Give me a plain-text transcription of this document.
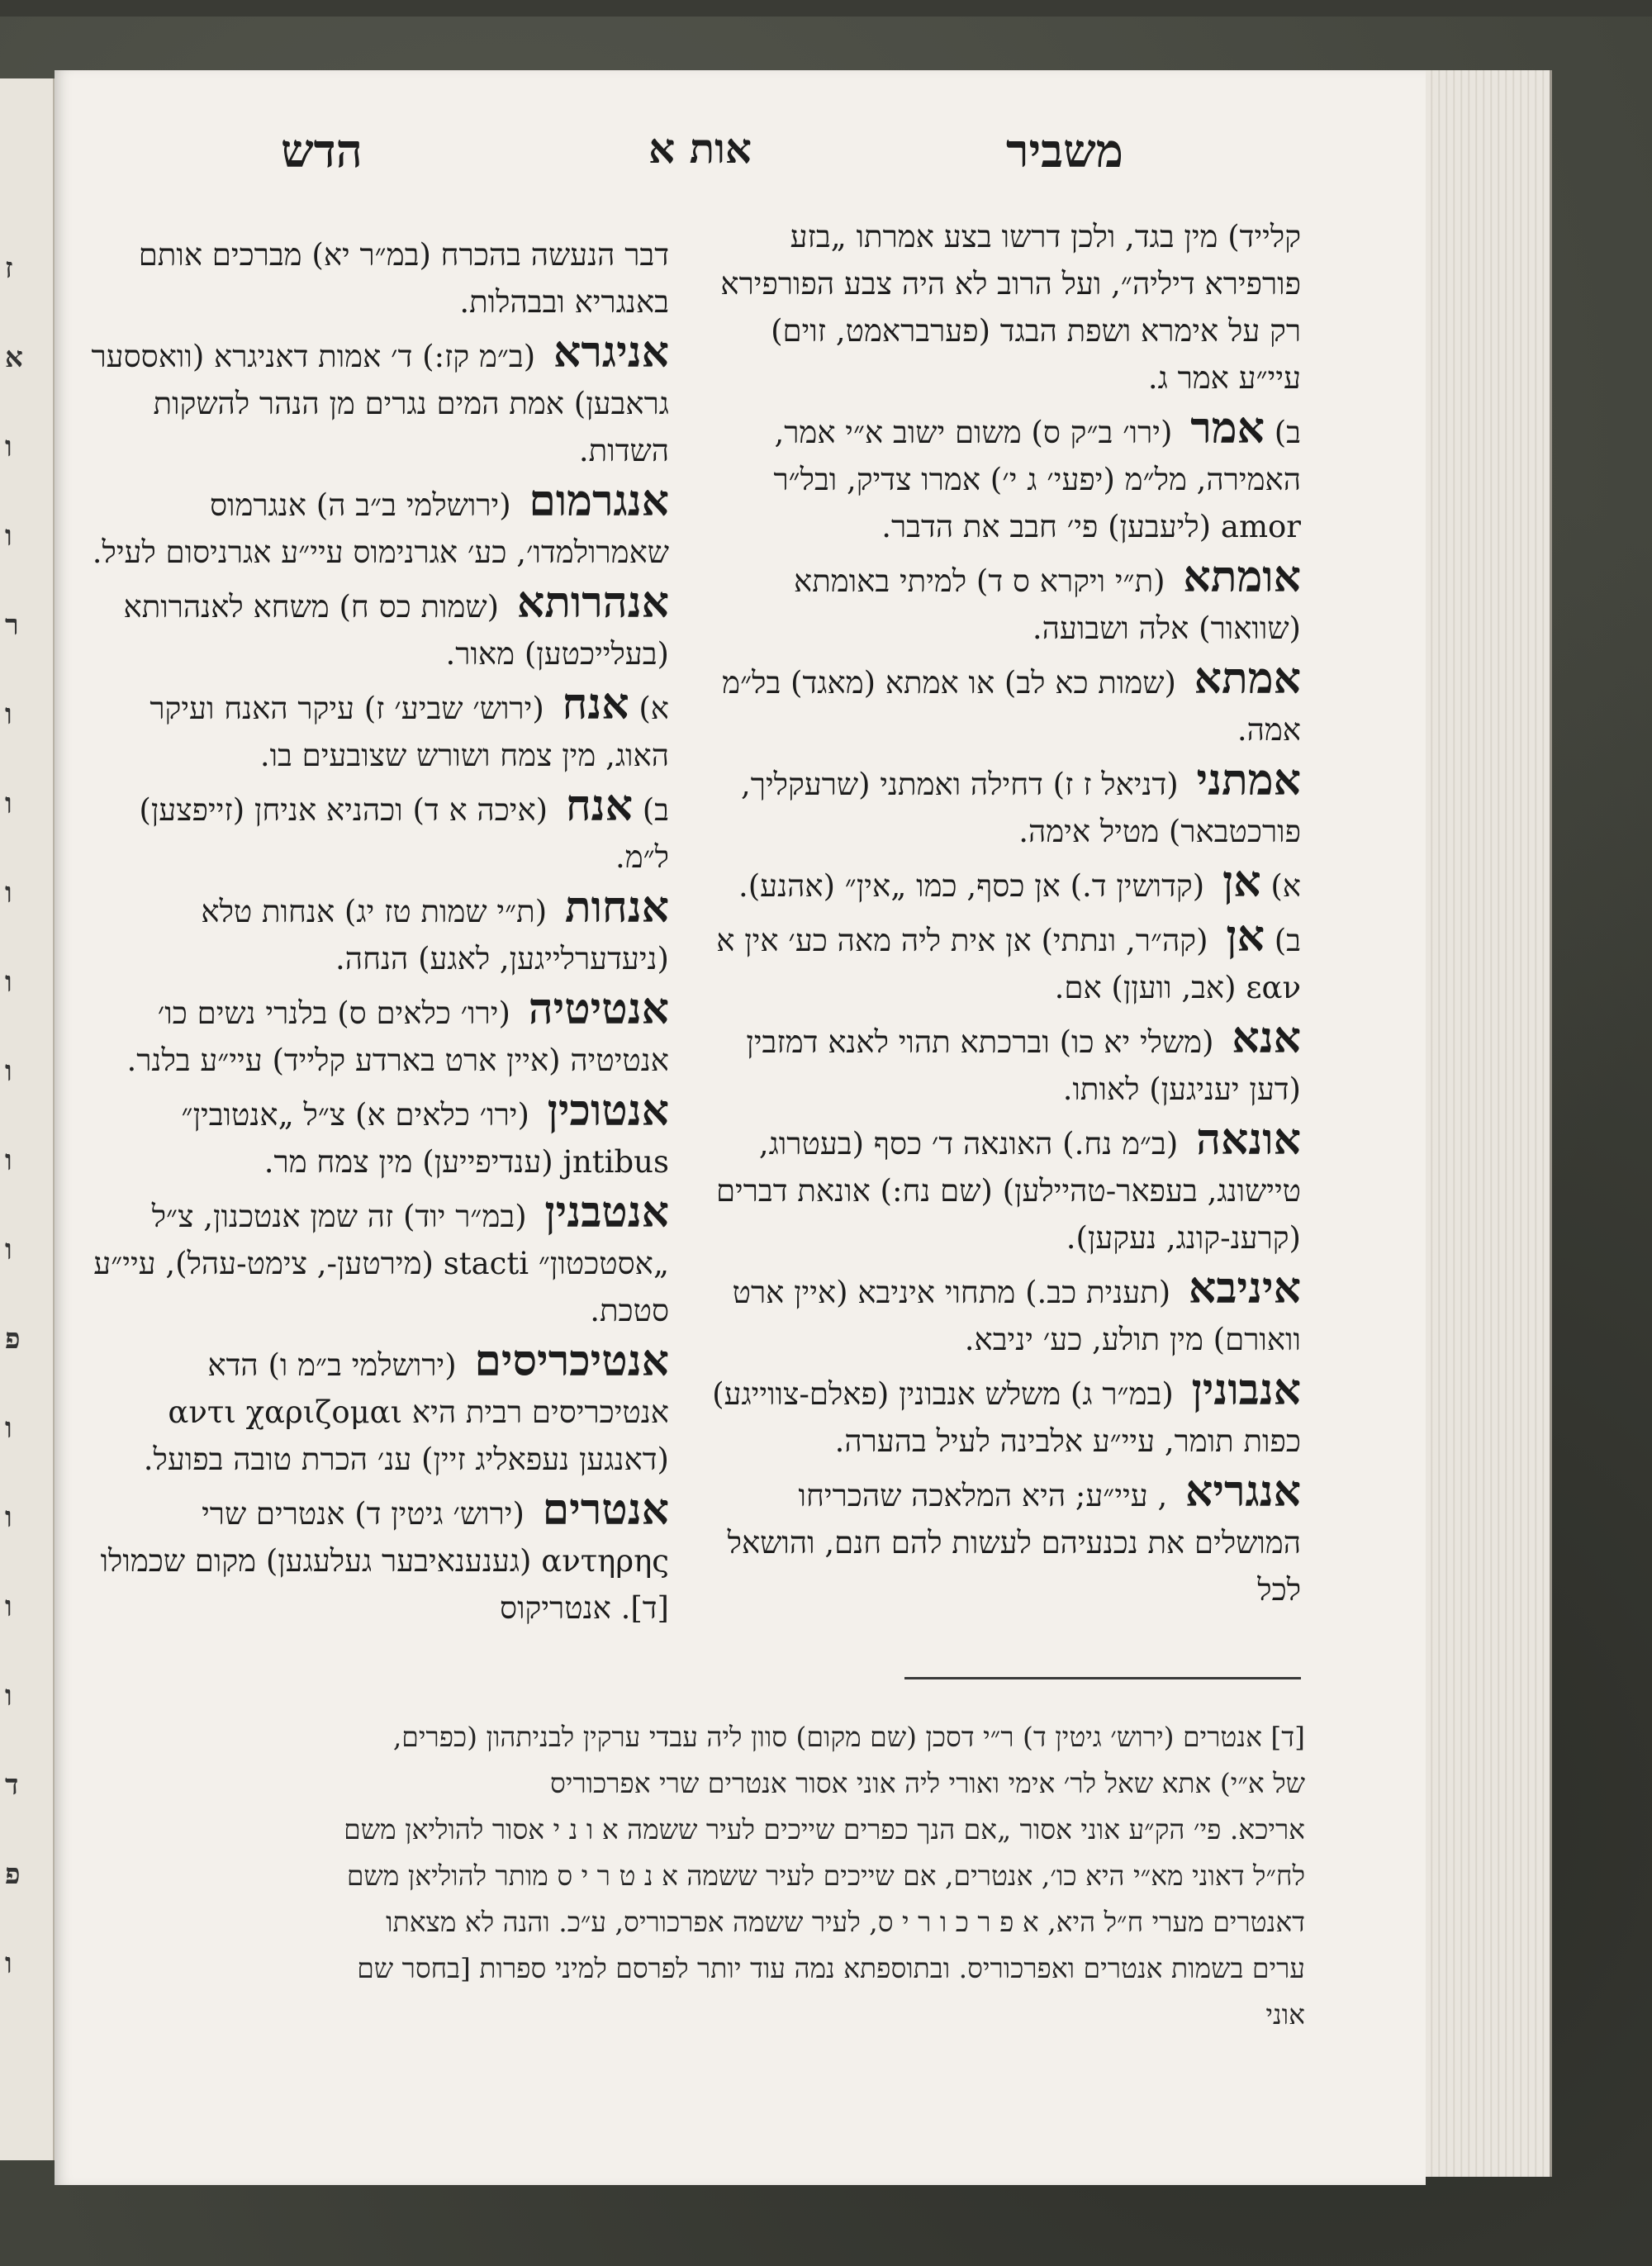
ז
א
ו
ו
ר
ו
ו
ו
ו
ו
ו
ו
פ
ו
ו
ו
ו
ד
פ
ו
משביר
אות א
הדש
קלייד) מין בגד, ולכן דרשו בצע אמרתו „בזע פורפירא דיליה״, ועל הרוב לא היה צבע הפורפירא רק על אימרא ושפת הבגד (פערבראמט, זוים) עיי״ע אמר ג.
ב) אמר (ירו׳ ב״ק ס) משום ישוב א״י אמר, האמירה, מל״מ (יפעי׳ ג י׳) אמרו צדיק, ובל״ר amor (ליעבען) פי׳ חבב את הדבר.
אומתא (ת״י ויקרא ס ד) למיתי באומתא (שוואור) אלה ושבועה.
אמתא (שמות כא לב) או אמתא (מאגד) בל״מ אמה.
אמתני (דניאל ז ז) דחילה ואמתני (שרעקליך, פורכטבאר) מטיל אימה.
א) אן (קדושין ד.) אן כסף, כמו „אין״ (אהנע).
ב) אן (קה״ר, ונתתי) אן אית ליה מאה כע׳ אין א εαν (אב, וועןן) אם.
אנא (משלי יא כו) וברכתא תהוי לאנא דמזבין (דען יעניגען) לאותו.
אונאה (ב״מ נח.) האונאה ד׳ כסף (בעטרוג, טיישונג, בעפאר-טהיילען) (שם נח:) אונאת דברים (קרענ-קונג, נעקען).
איניבא (תענית כב.) מתחוי איניבא (איין ארט וואורם) מין תולע, כע׳ יניבא.
אנבונין (במ״ר ג) משלש אנבונין (פאלם-צווייגע) כפות תומר, עיי״ע אלבינה לעיל בהערה.
אנגריא , עיי״ע; היא המלאכה שהכריחו המושלים את נכנעיהם לעשות להם חנם, והושאל לכל
דבר הנעשה בהכרח (במ״ר יא) מברכים אותם באנגריא ובבהלות.
אניגרא (ב״מ קז:) ד׳ אמות דאניגרא (וואססער גראבען) אמת המים נגרים מן הנהר להשקות השדות.
אנגרמום (ירושלמי ב״ב ה) אנגרמוס שאמרולמדו׳, כע׳ אגרנימוס עיי״ע אגרניסום לעיל.
אנהרותא (שמות כס ח) משחא לאנהרותא (בעלייכטען) מאור.
א) אנח (ירוש׳ שביע׳ ז) עיקר האנח ועיקר האוג, מין צמח ושורש שצובעים בו.
ב) אנח (איכה א ד) וכהניא אניחן (זייפצען) ל״מ.
אנחות (ת״י שמות טז יג) אנחות טלא (ניעדערלייגען, לאגע) הנחה.
אנטיטיה (ירו׳ כלאים ס) בלנרי נשים כו׳ אנטיטיה (איין ארט בארדע קלייד) עיי״ע בלנר.
אנטוכין (ירו׳ כלאים א) צ״ל „אנטובין״ jntibus (ענדיפייען) מין צמח מר.
אנטבנין (במ״ר יוד) זה שמן אנטכנון, צ״ל „אסטכטון״ stacti (מירטען-, צימט-עהל), עיי״ע סטכת.
אנטיכריסים (ירושלמי ב״מ ו) הדא אנטיכריסים רבית היא αντι χαριζομαι (דאנגען נעפאליג זיין) ענ׳ הכרת טובה בפועל.
אנטרים (ירוש׳ גיטין ד) אנטרים שרי αντηρης (גענענאיבער געלעגען) מקום שכמולו [ד]. אנטריקוס
[ד] אנטרים (ירוש׳ גיטין ד) ר״י דסכן (שם מקום) סוון ליה עבדי ערקין לבניתהון (כפרים,
של א״י) אתא שאל לר׳ אימי ואורי ליה אוני אסור אנטרים שרי אפרכוריס
אריכא. פי׳ הק״ע אוני אסור „אם הנך כפרים שייכים לעיר ששמה א ו נ י אסור להוליאן משם
לח״ל דאוני מא״י היא כו׳, אנטרים, אם שייכים לעיר ששמה א נ ט ר י ס מותר להוליאן משם
דאנטרים מערי ח״ל היא, א פ ר כ ו ר י ס, לעיר ששמה אפרכוריס, ע״כ. והנה לא מצאתו
ערים בשמות אנטרים ואפרכוריס. ובתוספתא נמה עוד יותר לפרסם למיני ספרות [בחסר שם
אוני
